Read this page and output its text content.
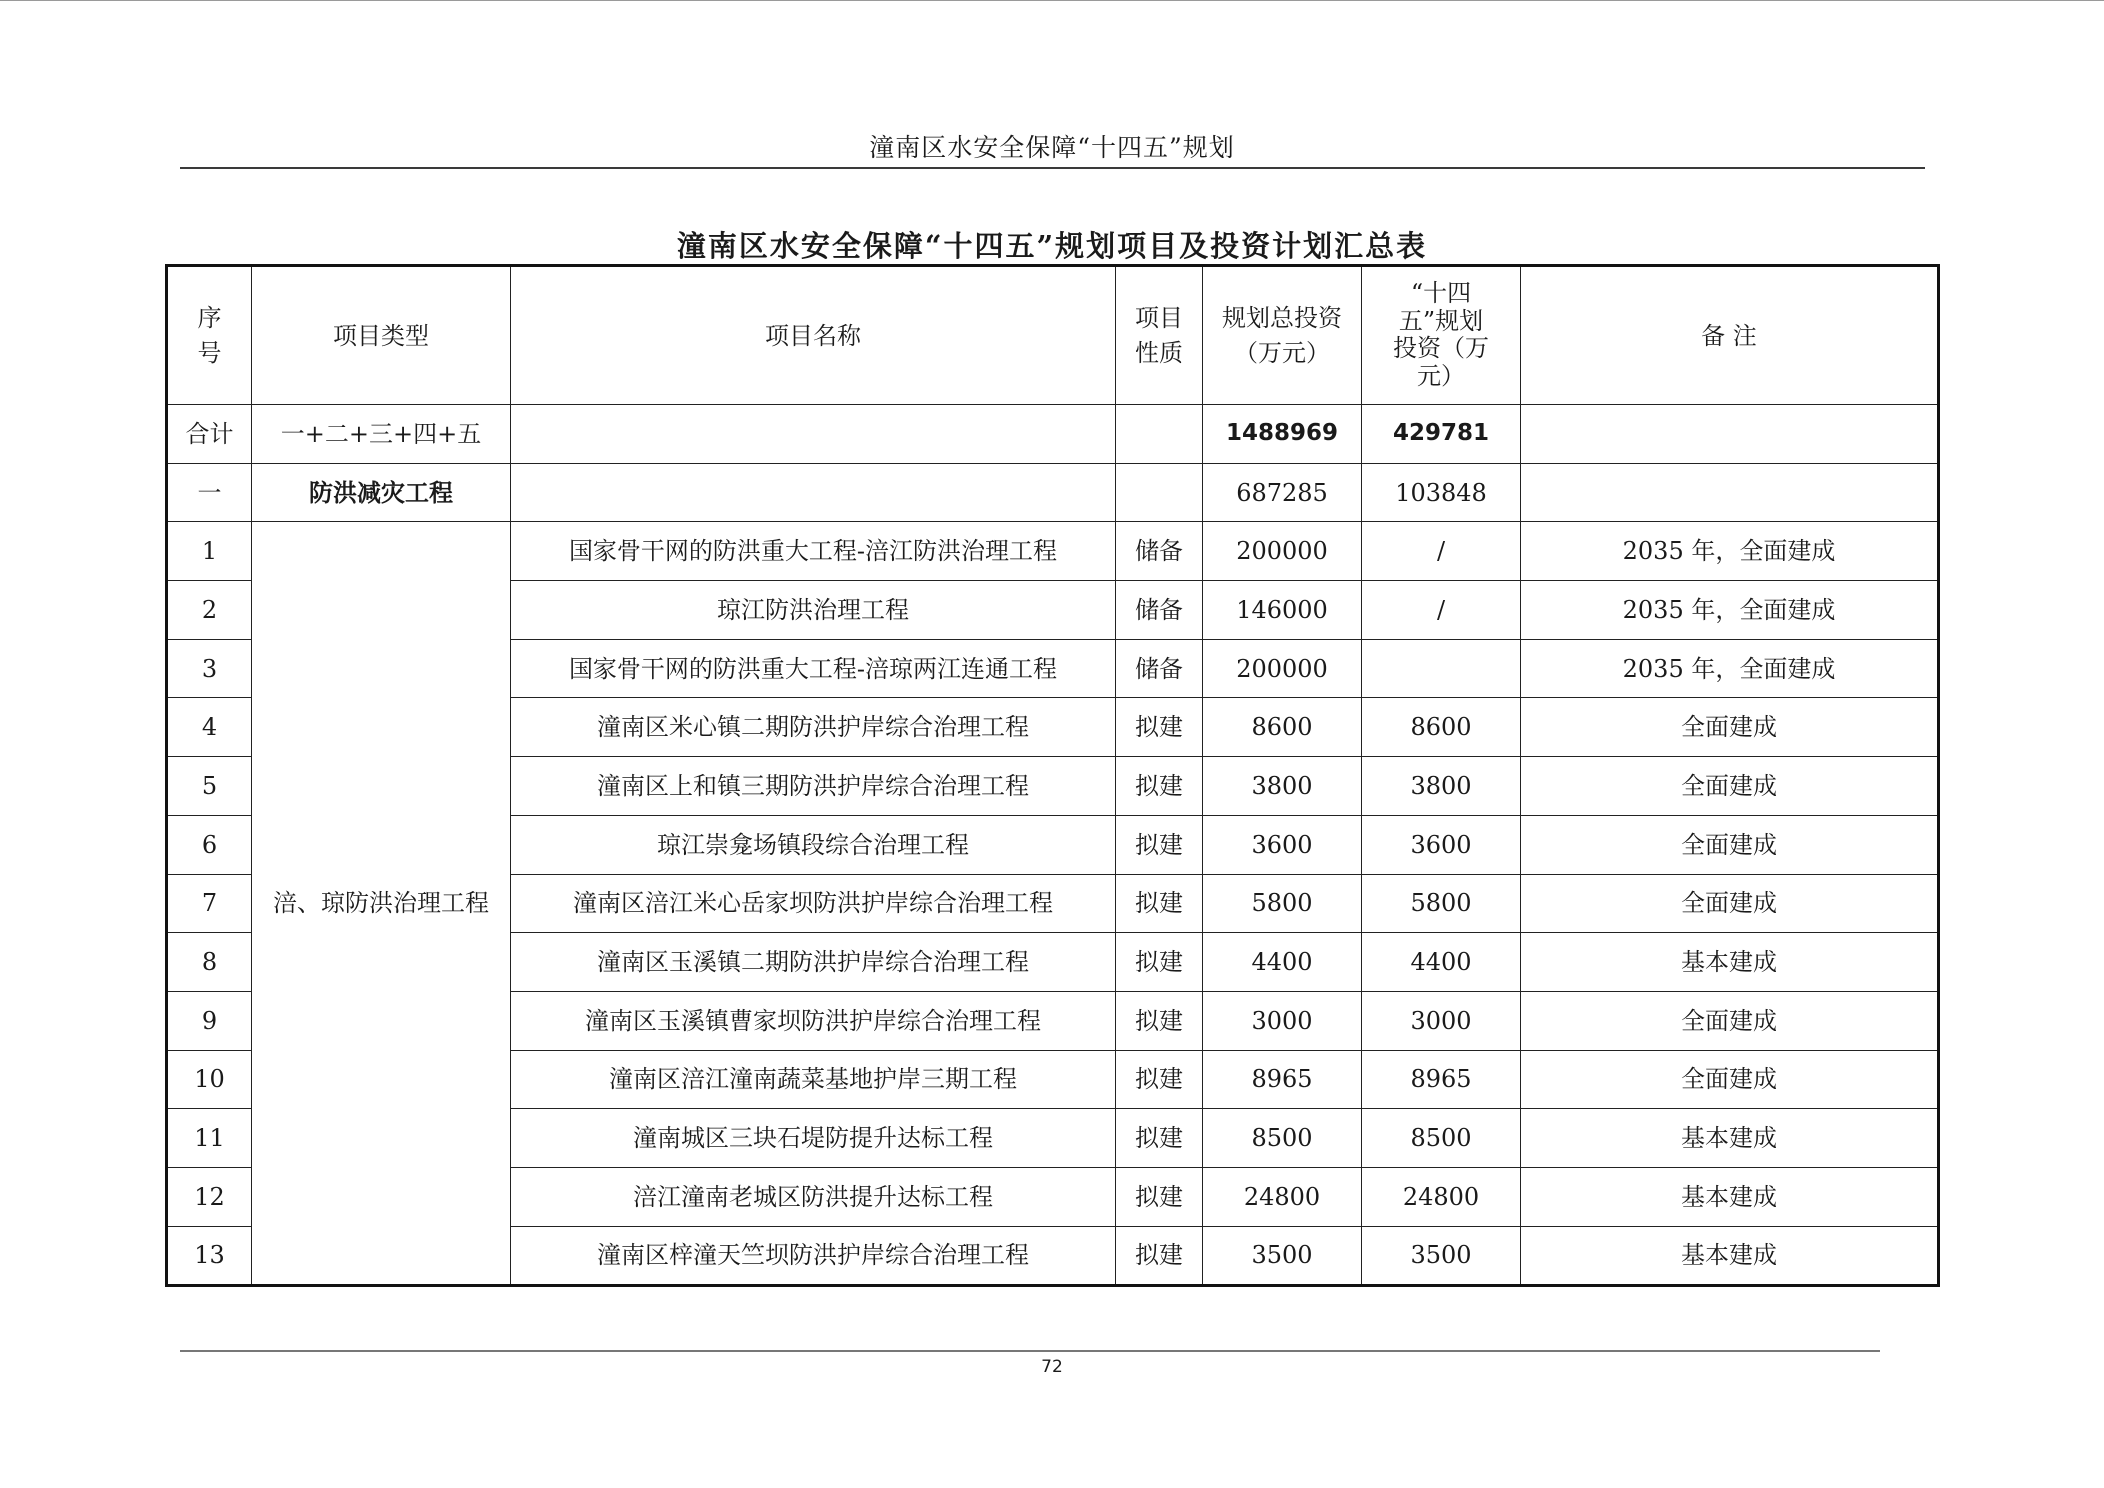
潼南区水安全保障“十四五”规划
潼南区水安全保障“十四五”规划项目及投资计划汇总表
序号	项目类型	项目名称	项目性质	规划总投资（万元）	“十四五”规划投资（万元）	备 注
合计	一+二+三+四+五			1488969	429781	
一	防洪减灾工程			687285	103848	
1	涪、琼防洪治理工程	国家骨干网的防洪重大工程-涪江防洪治理工程	储备	200000	/	2035 年，全面建成
2		琼江防洪治理工程	储备	146000	/	2035 年，全面建成
3		国家骨干网的防洪重大工程-涪琼两江连通工程	储备	200000		2035 年，全面建成
4		潼南区米心镇二期防洪护岸综合治理工程	拟建	8600	8600	全面建成
5		潼南区上和镇三期防洪护岸综合治理工程	拟建	3800	3800	全面建成
6		琼江崇龛场镇段综合治理工程	拟建	3600	3600	全面建成
7		潼南区涪江米心岳家坝防洪护岸综合治理工程	拟建	5800	5800	全面建成
8		潼南区玉溪镇二期防洪护岸综合治理工程	拟建	4400	4400	基本建成
9		潼南区玉溪镇曹家坝防洪护岸综合治理工程	拟建	3000	3000	全面建成
10		潼南区涪江潼南蔬菜基地护岸三期工程	拟建	8965	8965	全面建成
11		潼南城区三块石堤防提升达标工程	拟建	8500	8500	基本建成
12		涪江潼南老城区防洪提升达标工程	拟建	24800	24800	基本建成
13		潼南区梓潼天竺坝防洪护岸综合治理工程	拟建	3500	3500	基本建成
72
